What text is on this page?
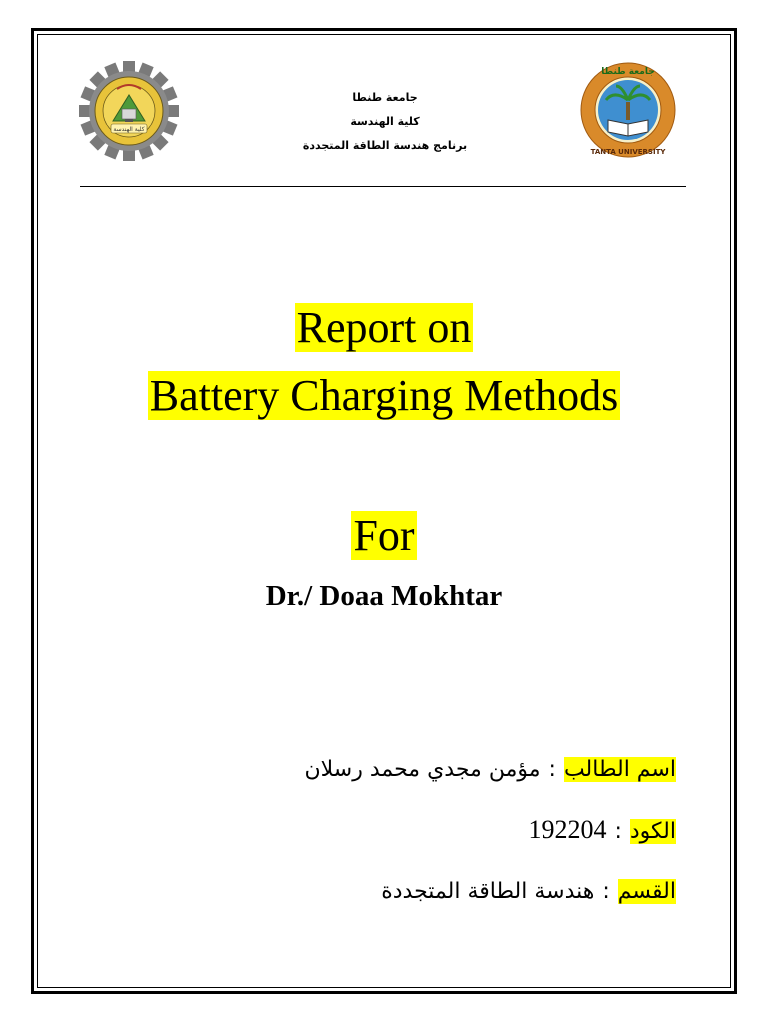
كلية الهندسة
جامعة طنطا
TANTA UNIVERSITY
جامعة طنطا
كلية الهندسة
برنامج هندسة الطاقة المتجددة
Report on
Battery Charging Methods
For
Dr./ Doaa Mokhtar
اسم الطالب:مؤمن مجدي محمد رسلان
الكود:192204
القسم:هندسة الطاقة المتجددة
